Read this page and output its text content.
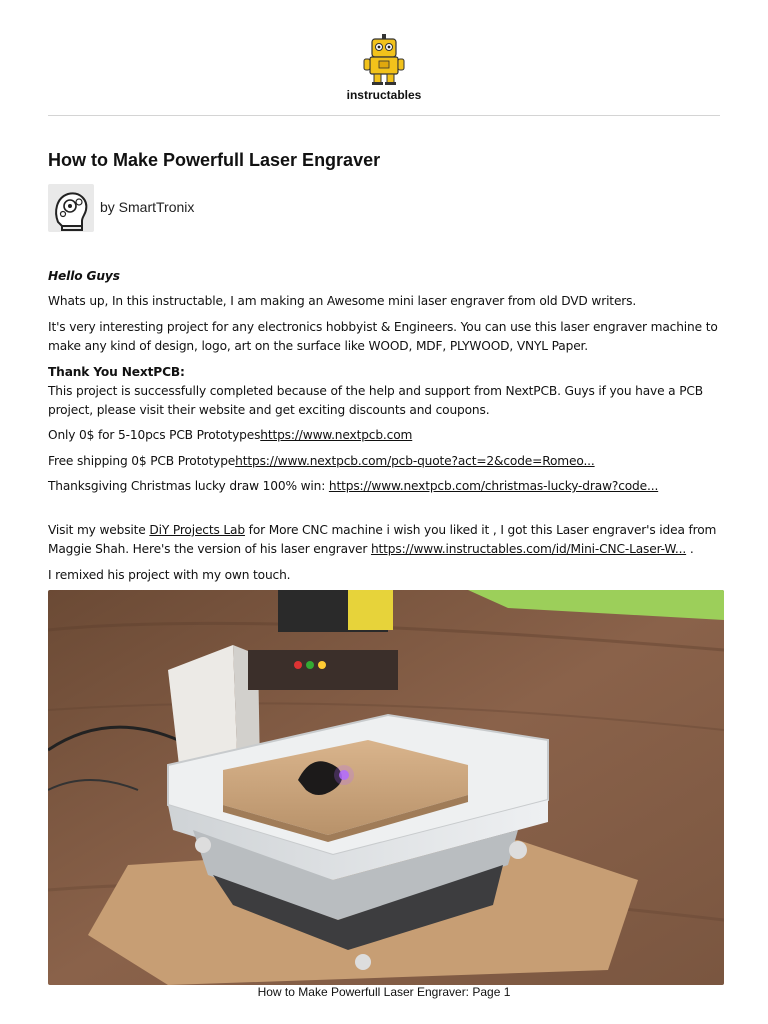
instructables
How to Make Powerfull Laser Engraver
by SmartTronix
Hello Guys
Whats up, In this instructable, I am making an Awesome mini laser engraver from old DVD writers.
It's very interesting project for any electronics hobbyist & Engineers. You can use this laser engraver machine to make any kind of design, logo, art on the surface like WOOD, MDF, PLYWOOD, VNYL Paper.
Thank You NextPCB:
This project is successfully completed because of the help and support from NextPCB. Guys if you have a PCB project, please visit their website and get exciting discounts and coupons.
Only 0$ for 5-10pcs PCB Prototypes⁣https://www.nextpcb.com
Free shipping 0$ PCB Prototype⁣https://www.nextpcb.com/pcb-quote?act=2&code=Romeo...
Thanksgiving Christmas lucky draw 100% win: https://www.nextpcb.com/christmas-lucky-draw?code...
Visit my website DiY Projects Lab for More CNC machine i wish you liked it , I got this Laser engraver's idea from Maggie Shah. Here's the version of his laser engraver https://www.instructables.com/id/Mini-CNC-Laser-W... .
I remixed his project with my own touch.
How to Make Powerfull Laser Engraver: Page 1
